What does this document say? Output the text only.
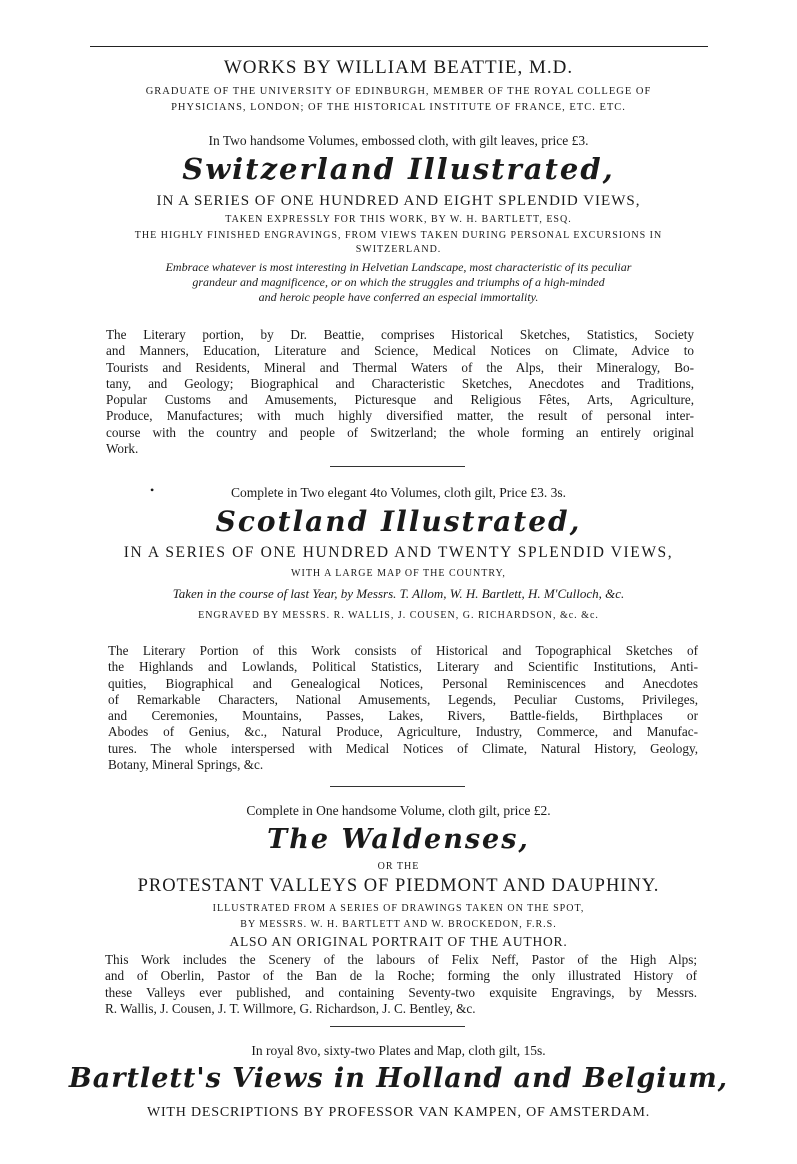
WORKS BY WILLIAM BEATTIE, M.D.
GRADUATE OF THE UNIVERSITY OF EDINBURGH, MEMBER OF THE ROYAL COLLEGE OF
PHYSICIANS, LONDON; OF THE HISTORICAL INSTITUTE OF FRANCE, ETC. ETC.
In Two handsome Volumes, embossed cloth, with gilt leaves, price £3.
Switzerland Illustrated,
IN A SERIES OF ONE HUNDRED AND EIGHT SPLENDID VIEWS,
TAKEN EXPRESSLY FOR THIS WORK, BY W. H. BARTLETT, ESQ.
THE HIGHLY FINISHED ENGRAVINGS, FROM VIEWS TAKEN DURING PERSONAL EXCURSIONS IN
SWITZERLAND.
Embrace whatever is most interesting in Helvetian Landscape, most characteristic of its peculiar
grandeur and magnificence, or on which the struggles and triumphs of a high-minded
and heroic people have conferred an especial immortality.
The Literary portion, by Dr. Beattie, comprises Historical Sketches, Statistics, Society
and Manners, Education, Literature and Science, Medical Notices on Climate, Advice to
Tourists and Residents, Mineral and Thermal Waters of the Alps, their Mineralogy, Bo-
tany, and Geology; Biographical and Characteristic Sketches, Anecdotes and Traditions,
Popular Customs and Amusements, Picturesque and Religious Fêtes, Arts, Agriculture,
Produce, Manufactures; with much highly diversified matter, the result of personal inter-
course with the country and people of Switzerland; the whole forming an entirely original
Work.
•	Complete in Two elegant 4to Volumes, cloth gilt, Price £3. 3s.
Scotland Illustrated,
IN A SERIES OF ONE HUNDRED AND TWENTY SPLENDID VIEWS,
WITH A LARGE MAP OF THE COUNTRY,
Taken in the course of last Year, by Messrs. T. Allom, W. H. Bartlett, H. M'Culloch, &c.
ENGRAVED BY MESSRS. R. WALLIS, J. COUSEN, G. RICHARDSON, &c. &c.
The Literary Portion of this Work consists of Historical and Topographical Sketches of
the Highlands and Lowlands, Political Statistics, Literary and Scientific Institutions, Anti-
quities, Biographical and Genealogical Notices, Personal Reminiscences and Anecdotes
of Remarkable Characters, National Amusements, Legends, Peculiar Customs, Privileges,
and Ceremonies, Mountains, Passes, Lakes, Rivers, Battle-fields, Birthplaces or
Abodes of Genius, &c., Natural Produce, Agriculture, Industry, Commerce, and Manufac-
tures. The whole interspersed with Medical Notices of Climate, Natural History, Geology,
Botany, Mineral Springs, &c.
Complete in One handsome Volume, cloth gilt, price £2.
The Waldenses,
OR THE
PROTESTANT VALLEYS OF PIEDMONT AND DAUPHINY.
ILLUSTRATED FROM A SERIES OF DRAWINGS TAKEN ON THE SPOT,
BY MESSRS. W. H. BARTLETT AND W. BROCKEDON, F.R.S.
ALSO AN ORIGINAL PORTRAIT OF THE AUTHOR.
This Work includes the Scenery of the labours of Felix Neff, Pastor of the High Alps;
and of Oberlin, Pastor of the Ban de la Roche; forming the only illustrated History of
these Valleys ever published, and containing Seventy-two exquisite Engravings, by Messrs.
R. Wallis, J. Cousen, J. T. Willmore, G. Richardson, J. C. Bentley, &c.
In royal 8vo, sixty-two Plates and Map, cloth gilt, 15s.
Bartlett's Views in Holland and Belgium,
WITH DESCRIPTIONS BY PROFESSOR VAN KAMPEN, OF AMSTERDAM.
